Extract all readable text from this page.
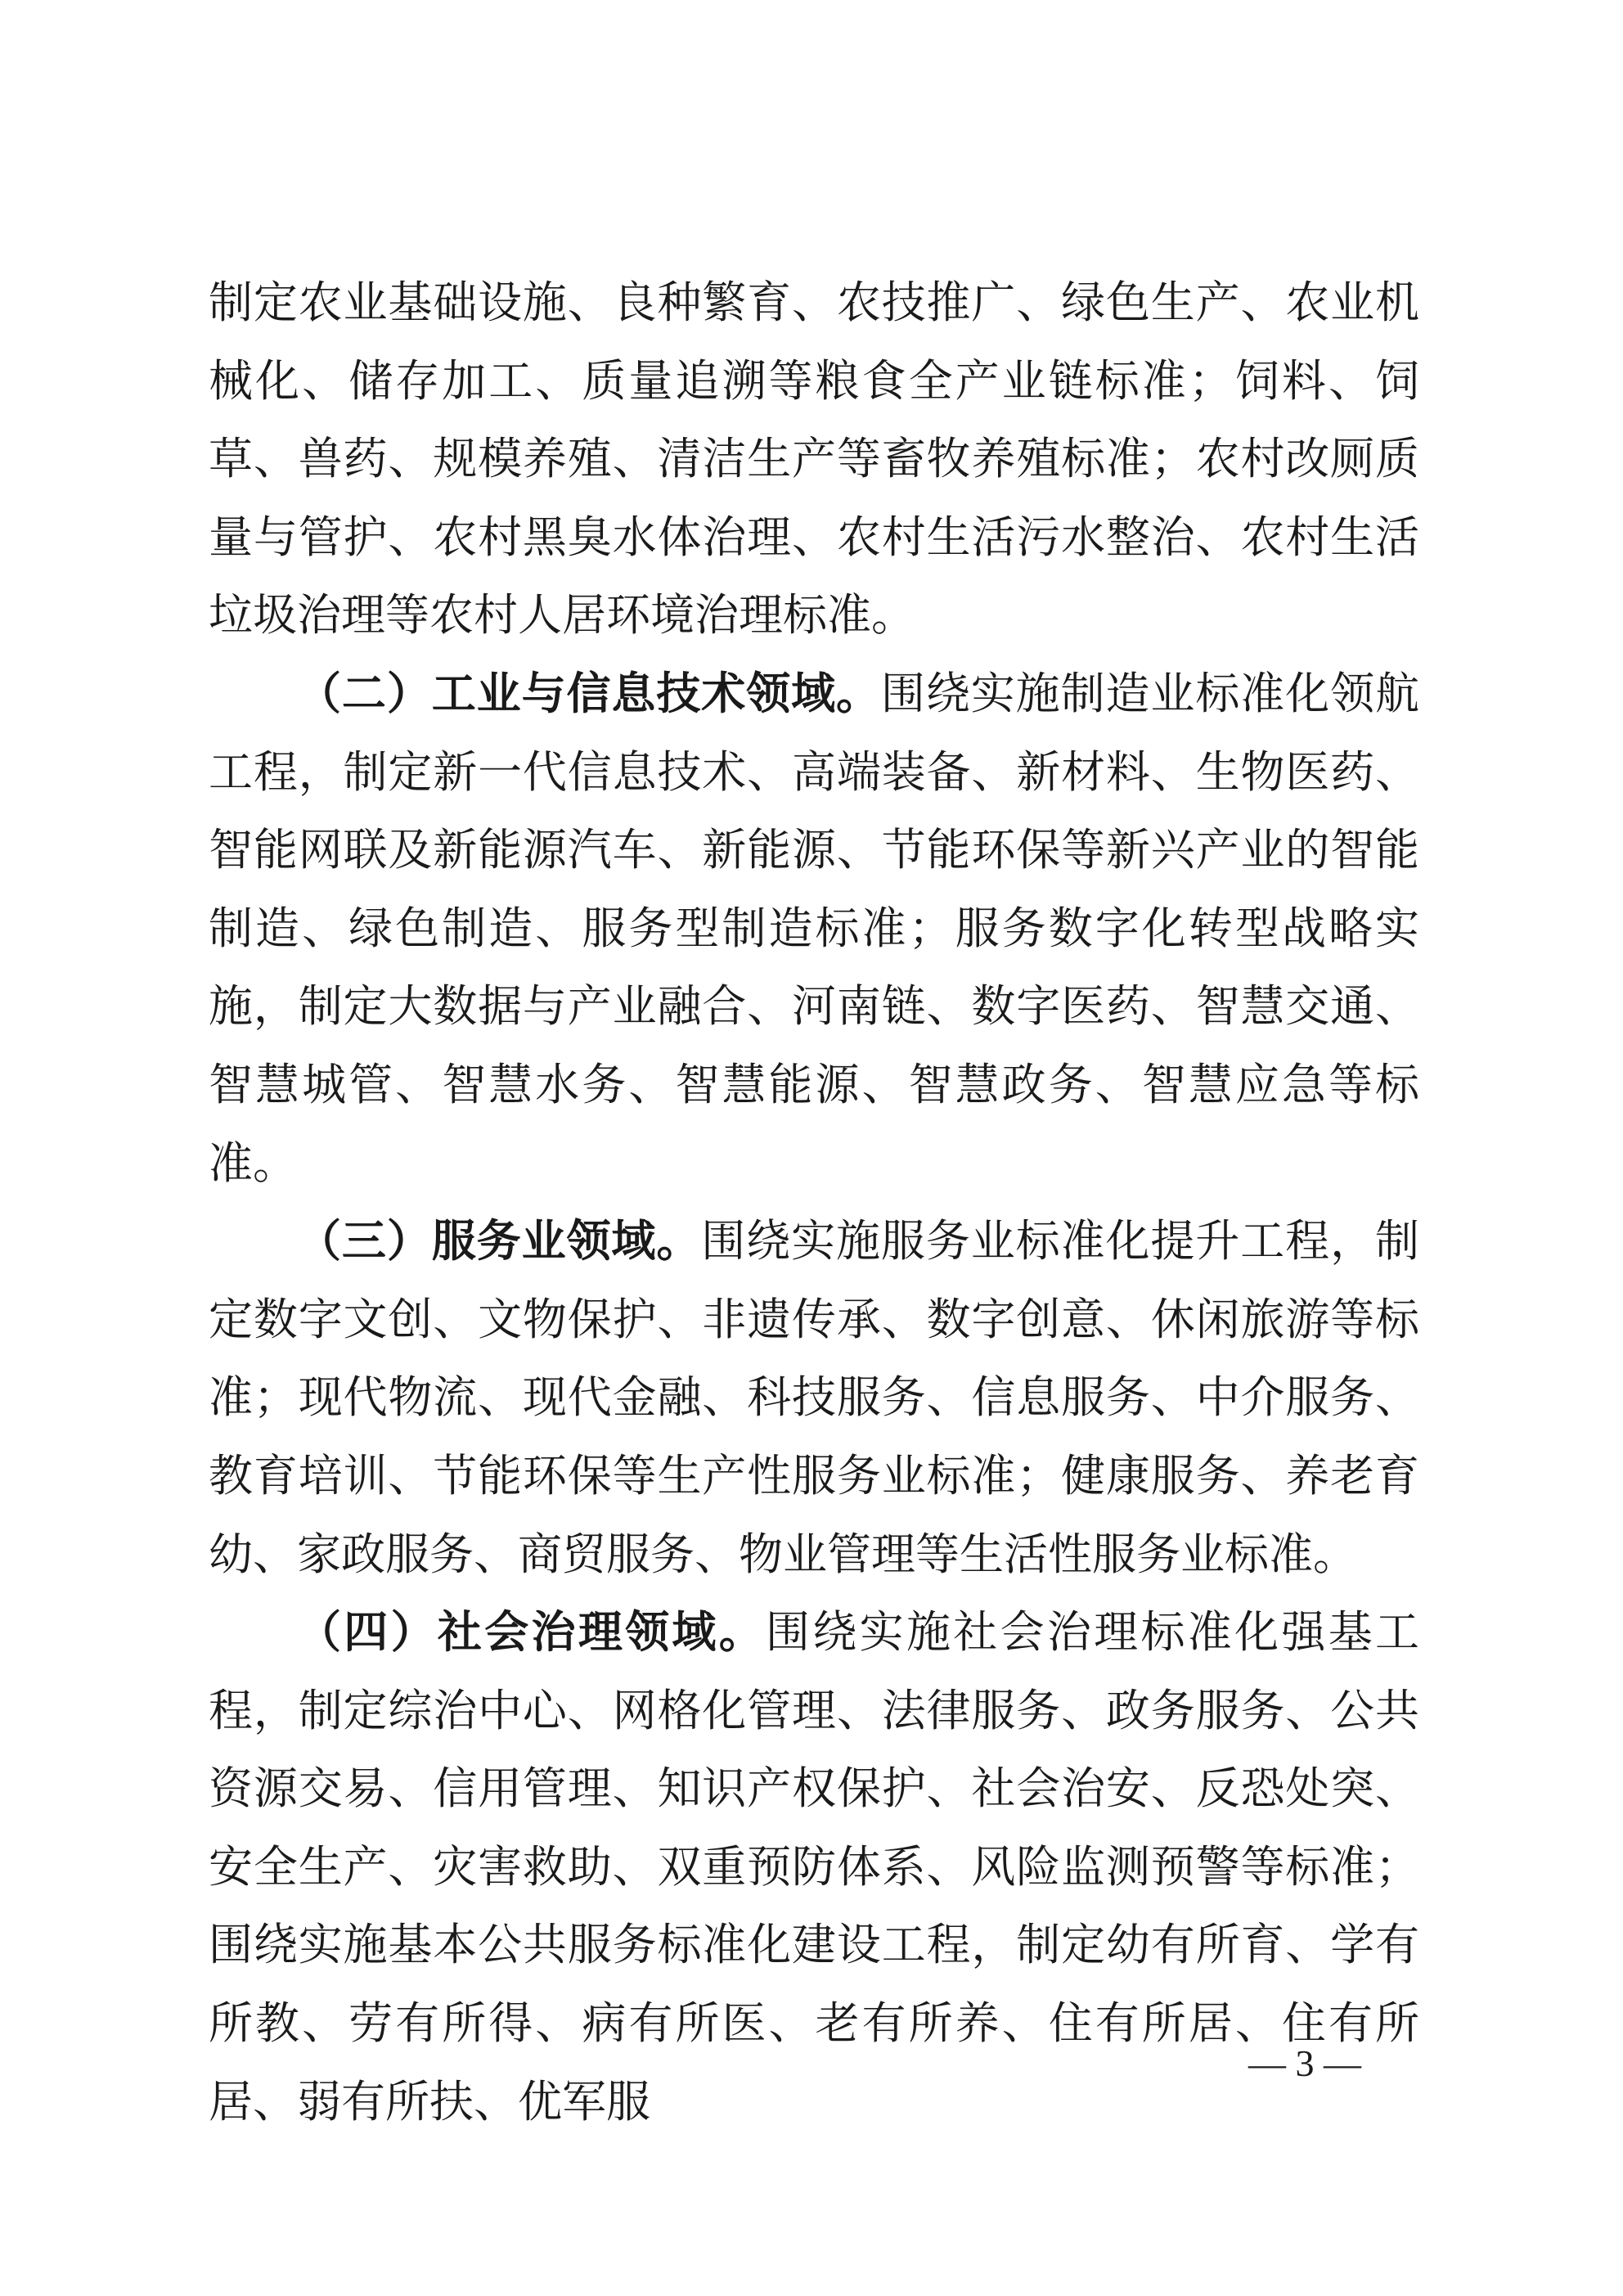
制定农业基础设施、良种繁育、农技推广、绿色生产、农业机械化、储存加工、质量追溯等粮食全产业链标准；饲料、饲草、兽药、规模养殖、清洁生产等畜牧养殖标准；农村改厕质量与管护、农村黑臭水体治理、农村生活污水整治、农村生活垃圾治理等农村人居环境治理标准。

（二）工业与信息技术领域。围绕实施制造业标准化领航工程，制定新一代信息技术、高端装备、新材料、生物医药、智能网联及新能源汽车、新能源、节能环保等新兴产业的智能制造、绿色制造、服务型制造标准；服务数字化转型战略实施，制定大数据与产业融合、河南链、数字医药、智慧交通、智慧城管、智慧水务、智慧能源、智慧政务、智慧应急等标准。

（三）服务业领域。围绕实施服务业标准化提升工程，制定数字文创、文物保护、非遗传承、数字创意、休闲旅游等标准；现代物流、现代金融、科技服务、信息服务、中介服务、教育培训、节能环保等生产性服务业标准；健康服务、养老育幼、家政服务、商贸服务、物业管理等生活性服务业标准。

（四）社会治理领域。围绕实施社会治理标准化强基工程，制定综治中心、网格化管理、法律服务、政务服务、公共资源交易、信用管理、知识产权保护、社会治安、反恐处突、安全生产、灾害救助、双重预防体系、风险监测预警等标准；围绕实施基本公共服务标准化建设工程，制定幼有所育、学有所教、劳有所得、病有所医、老有所养、住有所居、住有所居、弱有所扶、优军服

— 3 —
